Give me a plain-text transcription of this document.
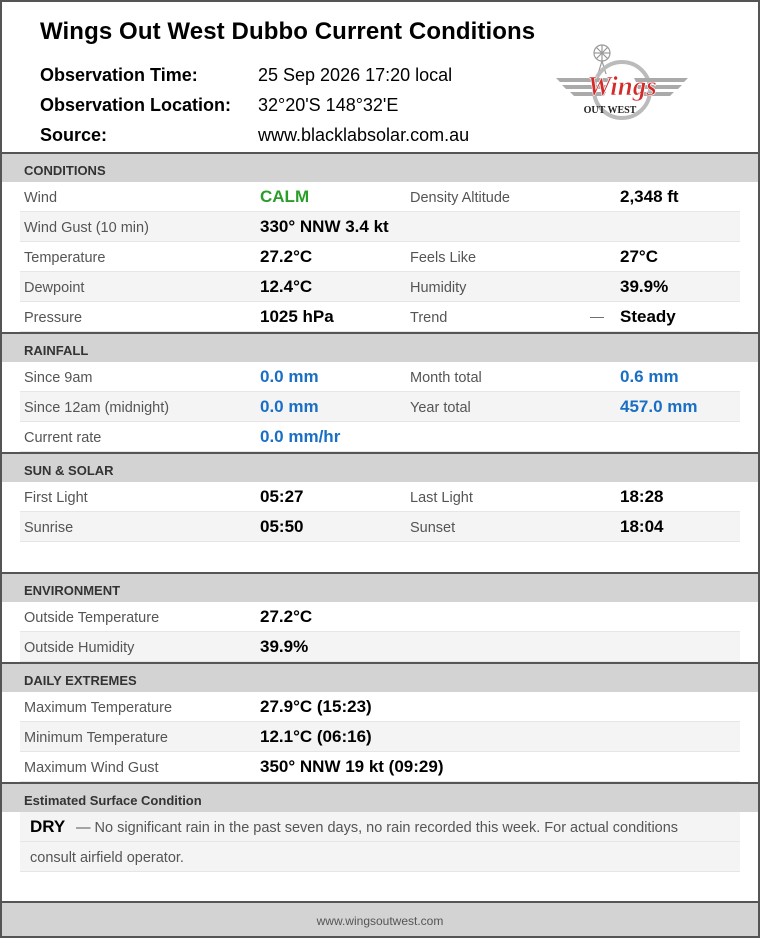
Wings Out West Dubbo Current Conditions
Observation Time:	25 Sep 2026 17:20 local
Observation Location: 32°20'S 148°32'E
Source:	www.blacklabsolar.com.au
Wings
OUT WEST
CONDITIONS
Wind	CALM	Density Altitude	2,348 ft
Wind Gust (10 min)	330° NNW 3.4 kt
Temperature	27.2°C	Feels Like	27°C
Dewpoint	12.4°C	Humidity	39.9%
Pressure	1025 hPa	Trend	— Steady
RAINFALL
Since 9am	0.0 mm	Month total	0.6 mm
Since 12am (midnight)	0.0 mm	Year total	457.0 mm
Current rate	0.0 mm/hr
SUN & SOLAR
First Light	05:27	Last Light	18:28
Sunrise	05:50	Sunset	18:04
ENVIRONMENT
Outside Temperature	27.2°C
Outside Humidity	39.9%
DAILY EXTREMES
Maximum Temperature	27.9°C (15:23)
Minimum Temperature	12.1°C (06:16)
Maximum Wind Gust	350° NNW 19 kt (09:29)
Estimated Surface Condition
DRY — No significant rain in the past seven days, no rain recorded this week. For actual conditions
consult airfield operator.
www.wingsoutwest.com
